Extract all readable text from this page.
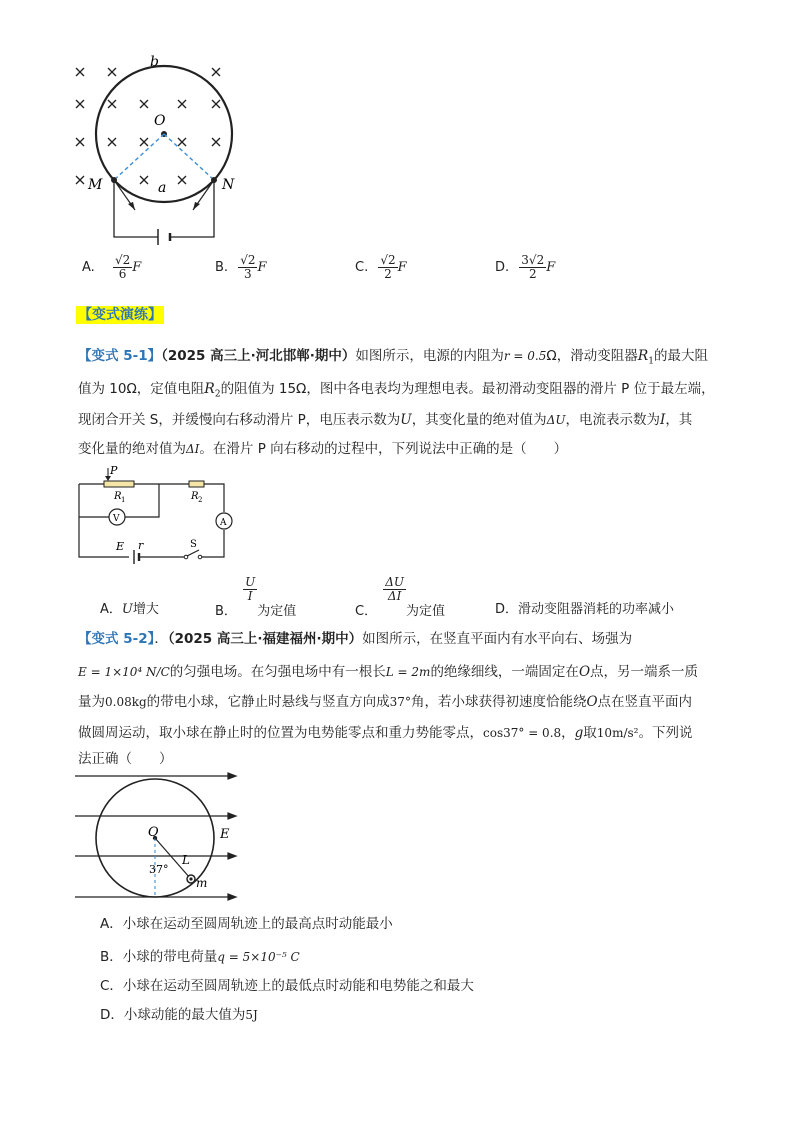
b
O
M	N
a
A. $\frac{√2}{6}$ F	B. $\frac{√2}{3}$ F	C. $\frac{√2}{2}$ F	D. $\frac{3√2}{2}$ F
【变式演练】
【变式 5-1】（2025 高三上·河北邯郸·期中）如图所示，电源的内阻为r = 0.5Ω，滑动变阻器$R_1$的最大阻
值为 10Ω，定值电阻$R_2$的阻值为 15Ω，图中各电表均为理想电表。最初滑动变阻器的滑片 P 位于最左端，
现闭合开关 S，并缓慢向右移动滑片 P，电压表示数为U，其变化量的绝对值为ΔU，电流表示数为I，其
变化量的绝对值为ΔI。在滑片 P 向右移动的过程中，下列说法中正确的是（　　）
A
V
P
R 1	R 2
E r	S
A．U增大	B．
$\frac{U}{I}$
为定值	C．
$\frac{\Delta U}{\Delta I}$
为定值	D．滑动变阻器消耗的功率减小
【变式 5-2】．（2025 高三上·福建福州·期中）如图所示，在竖直平面内有水平向右、场强为
E = 1×10⁴ N/C的匀强电场。在匀强电场中有一根长L = 2m的绝缘细线，一端固定在O点，另一端系一质
量为0.08kg的带电小球，它静止时悬线与竖直方向成37°角，若小球获得初速度恰能绕O点在竖直平面内
做圆周运动，取小球在静止时的位置为电势能零点和重力势能零点，cos37° = 0.8，g取10m/s²。下列说
法正确（　　）
O	E
37°
L
m
A．小球在运动至圆周轨迹上的最高点时动能最小
B．小球的带电荷量q = 5×10⁻⁵ C
C．小球在运动至圆周轨迹上的最低点时动能和电势能之和最大
D．小球动能的最大值为5J
